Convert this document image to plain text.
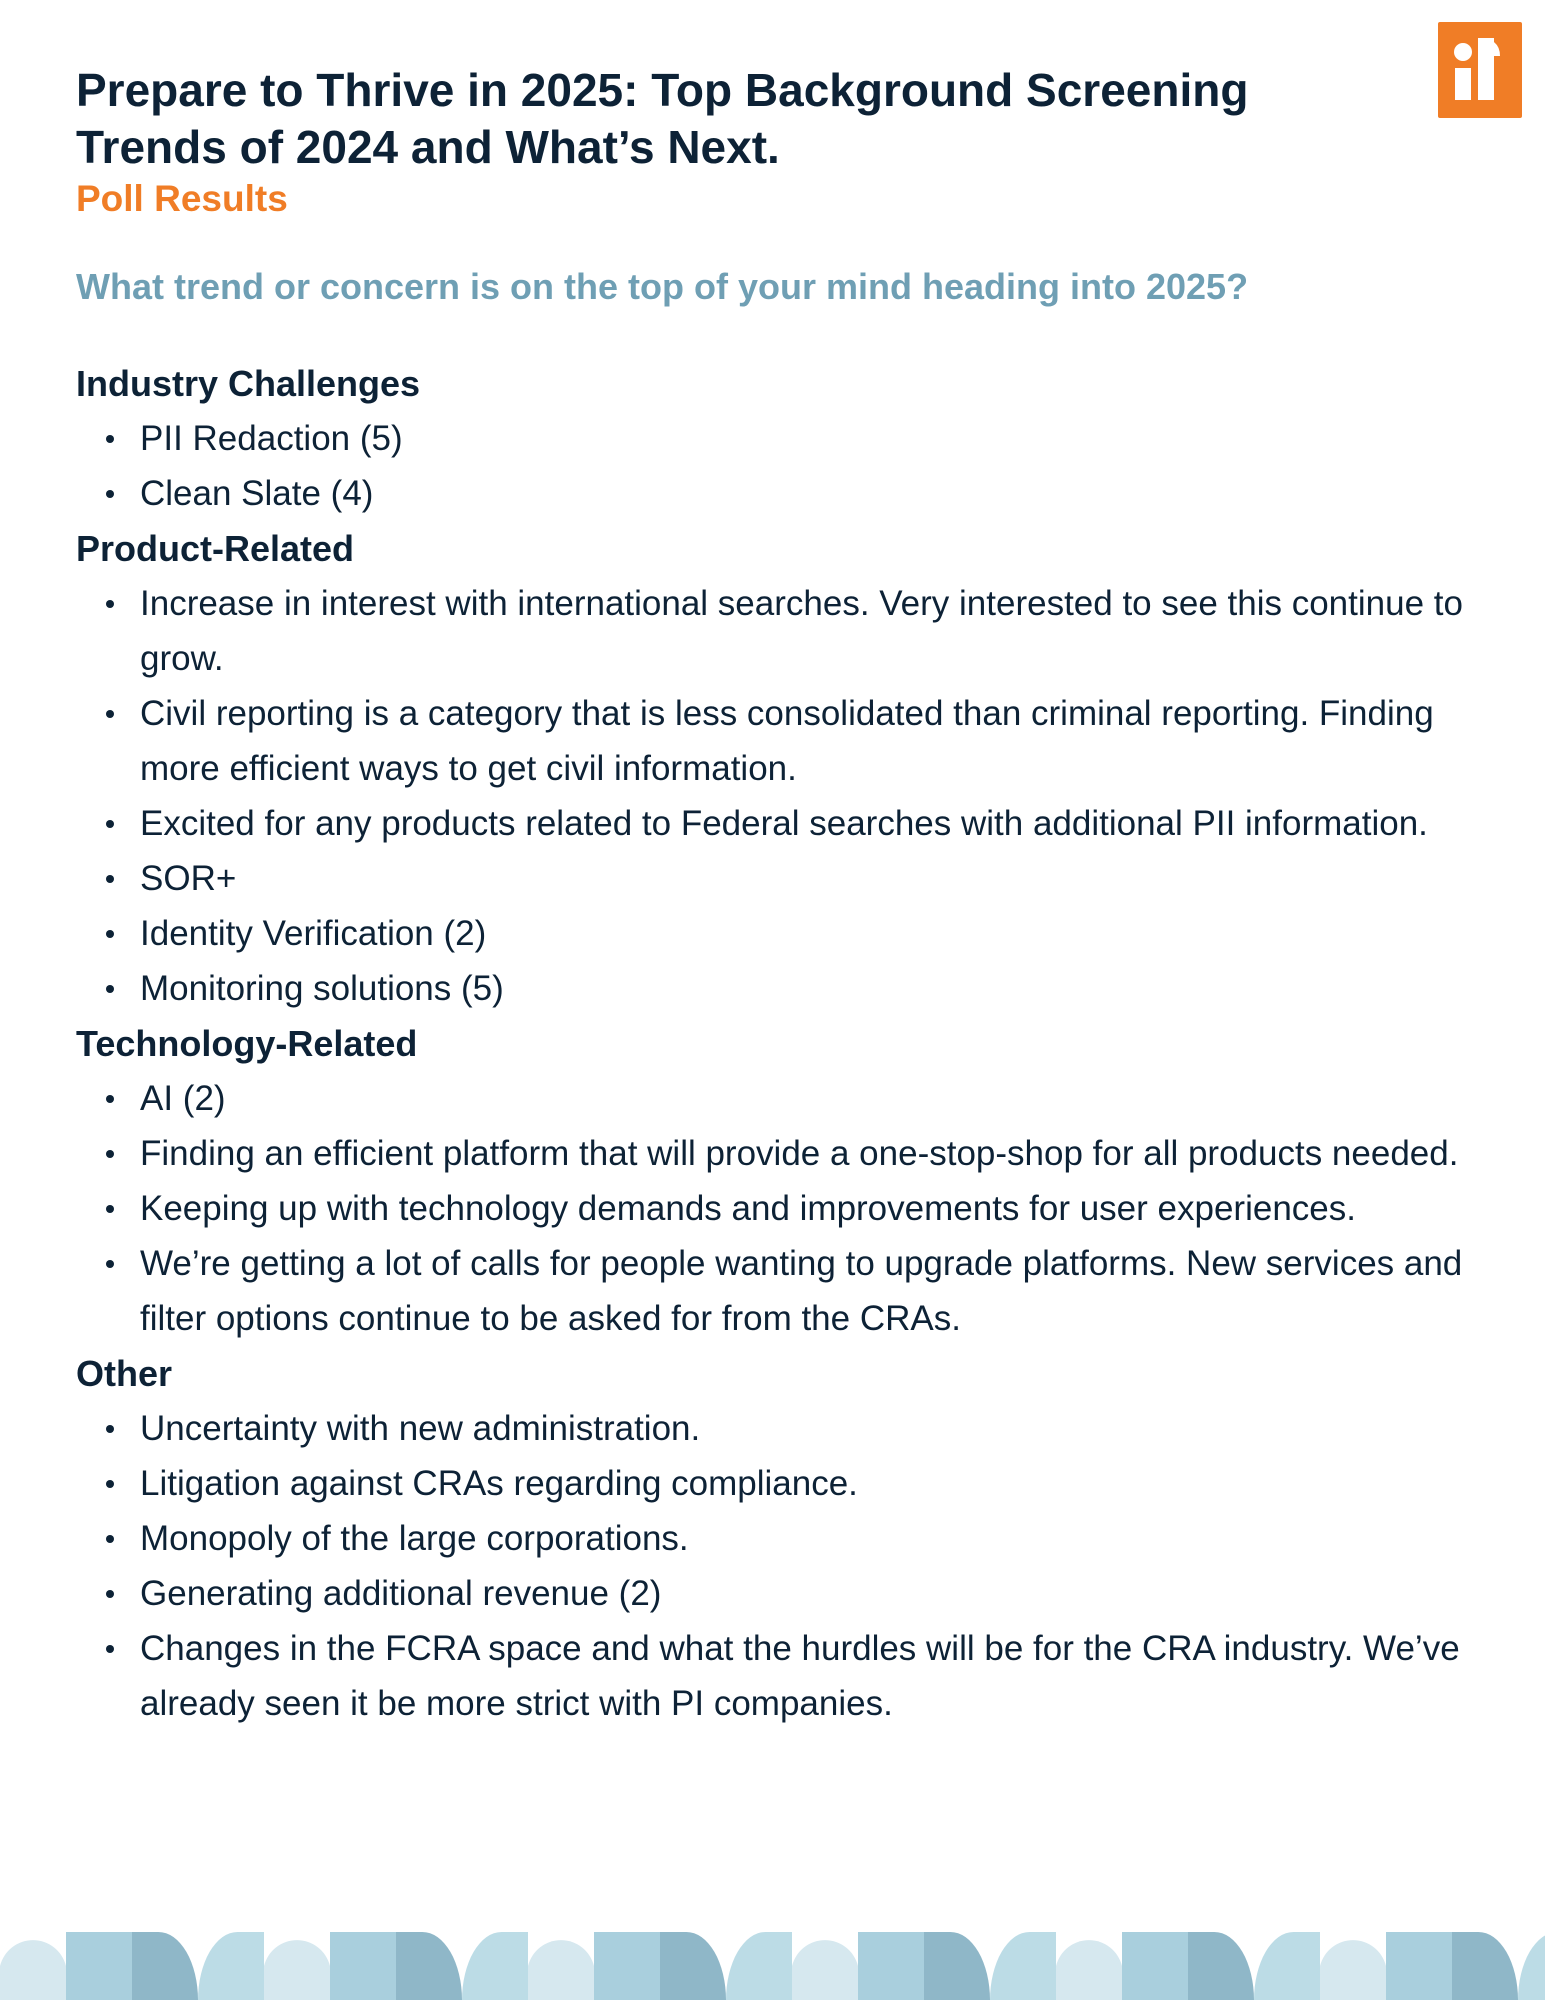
Prepare to Thrive in 2025: Top Background Screening Trends of 2024 and What’s Next.
Poll Results
What trend or concern is on the top of your mind heading into 2025?
Industry Challenges
PII Redaction (5)
Clean Slate (4)
Product-Related
Increase in interest with international searches. Very interested to see this continue to grow.
Civil reporting is a category that is less consolidated than criminal reporting. Finding more efficient ways to get civil information.
Excited for any products related to Federal searches with additional PII information.
SOR+
Identity Verification (2)
Monitoring solutions (5)
Technology-Related
AI (2)
Finding an efficient platform that will provide a one-stop-shop for all products needed.
Keeping up with technology demands and improvements for user experiences.
We’re getting a lot of calls for people wanting to upgrade platforms. New services and filter options continue to be asked for from the CRAs.
Other
Uncertainty with new administration.
Litigation against CRAs regarding compliance.
Monopoly of the large corporations.
Generating additional revenue (2)
Changes in the FCRA space and what the hurdles will be for the CRA industry. We’ve already seen it be more strict with PI companies.
